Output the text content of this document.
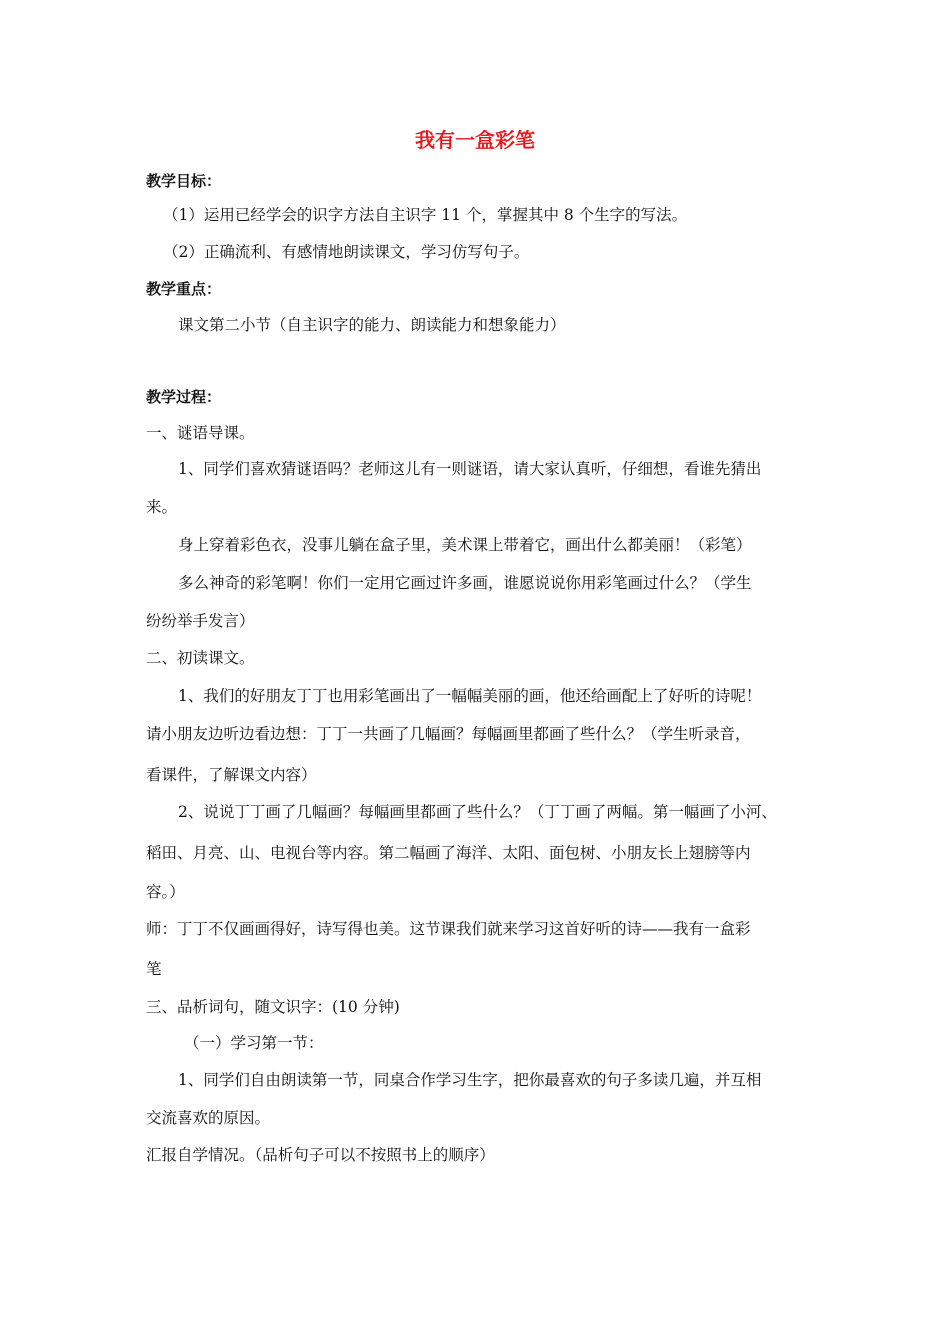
我有一盒彩笔
教学目标：
（1）运用已经学会的识字方法自主识字 11 个，掌握其中 8 个生字的写法。
（2）正确流利、有感情地朗读课文，学习仿写句子。
教学重点：
课文第二小节（自主识字的能力、朗读能力和想象能力）
教学过程：
一、谜语导课。
1、同学们喜欢猜谜语吗？老师这儿有一则谜语，请大家认真听，仔细想，看谁先猜出
来。
身上穿着彩色衣，没事儿躺在盒子里，美术课上带着它，画出什么都美丽！（彩笔）
多么神奇的彩笔啊！你们一定用它画过许多画，谁愿说说你用彩笔画过什么？（学生
纷纷举手发言）
二、初读课文。
1、我们的好朋友丁丁也用彩笔画出了一幅幅美丽的画，他还给画配上了好听的诗呢！
请小朋友边听边看边想：丁丁一共画了几幅画？每幅画里都画了些什么？（学生听录音，
看课件，了解课文内容）
2、说说丁丁画了几幅画？每幅画里都画了些什么？（丁丁画了两幅。第一幅画了小河、
稻田、月亮、山、电视台等内容。第二幅画了海洋、太阳、面包树、小朋友长上翅膀等内
容。）
师：丁丁不仅画画得好，诗写得也美。这节课我们就来学习这首好听的诗——我有一盒彩
笔
三、品析词句，随文识字：(10 分钟)
（一）学习第一节：
1、同学们自由朗读第一节，同桌合作学习生字，把你最喜欢的句子多读几遍，并互相
交流喜欢的原因。
汇报自学情况。（品析句子可以不按照书上的顺序）
